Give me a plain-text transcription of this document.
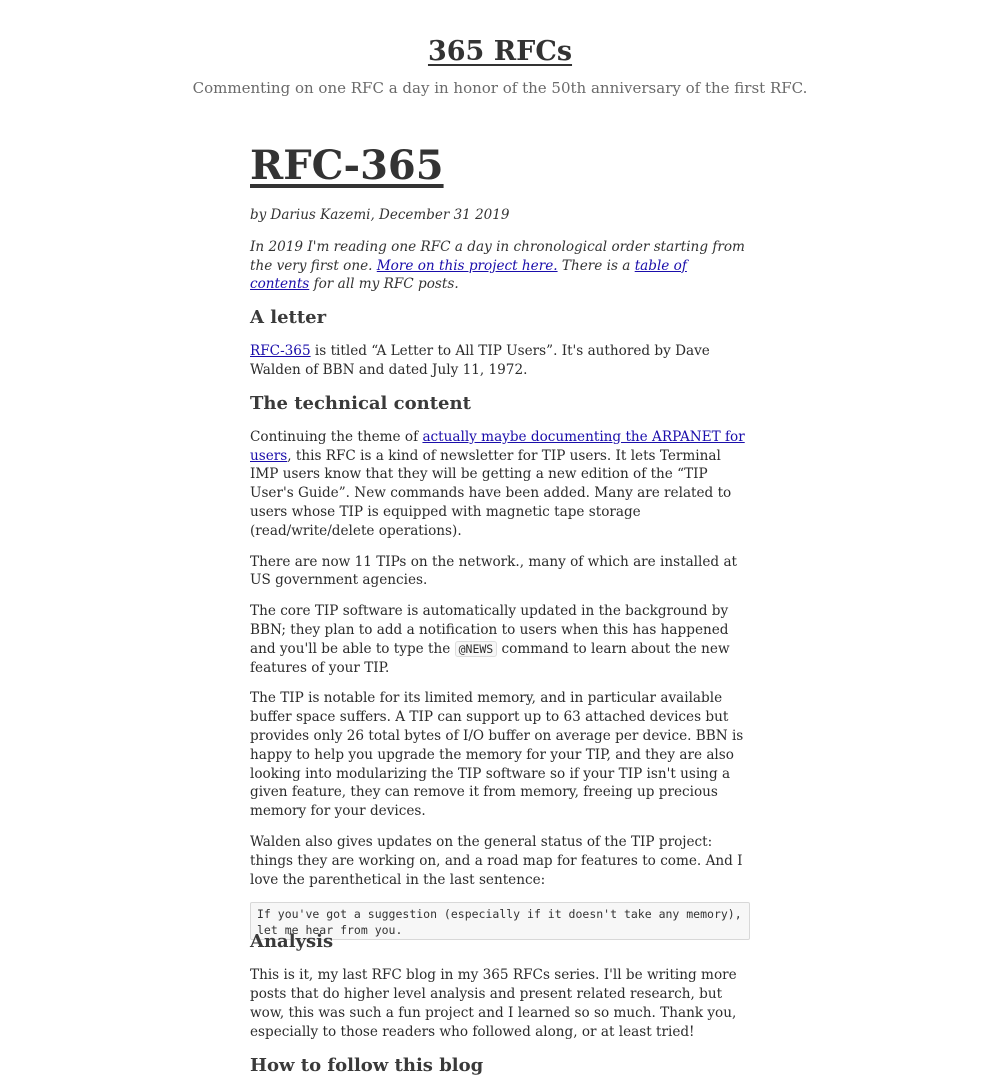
365 RFCs
Commenting on one RFC a day in honor of the 50th anniversary of the first RFC.
RFC-365
by Darius Kazemi, December 31 2019
In 2019 I'm reading one RFC a day in chronological order starting from the very first one. More on this project here. There is a table of contents for all my RFC posts.
A letter

RFC-365 is titled “A Letter to All TIP Users”. It's authored by Dave Walden of BBN and dated July 11, 1972.

The technical content

Continuing the theme of actually maybe documenting the ARPANET for users, this RFC is a kind of newsletter for TIP users. It lets Terminal IMP users know that they will be getting a new edition of the “TIP User's Guide”. New commands have been added. Many are related to users whose TIP is equipped with magnetic tape storage (read/write/delete operations).

There are now 11 TIPs on the network., many of which are installed at US government agencies.

The core TIP software is automatically updated in the background by BBN; they plan to add a notification to users when this has happened and you'll be able to type the @NEWS command to learn about the new features of your TIP.

The TIP is notable for its limited memory, and in particular available buffer space suffers. A TIP can support up to 63 attached devices but provides only 26 total bytes of I/O buffer on average per device. BBN is happy to help you upgrade the memory for your TIP, and they are also looking into modularizing the TIP software so if your TIP isn't using a given feature, they can remove it from memory, freeing up precious memory for your devices.

Walden also gives updates on the general status of the TIP project: things they are working on, and a road map for features to come. And I love the parenthetical in the last sentence:

If you've got a suggestion (especially if it doesn't take any memory),
let me hear from you.
Analysis

This is it, my last RFC blog in my 365 RFCs series. I'll be writing more posts that do higher level analysis and present related research, but wow, this was such a fun project and I learned so so much. Thank you, especially to those readers who followed along, or at least tried!

How to follow this blog
